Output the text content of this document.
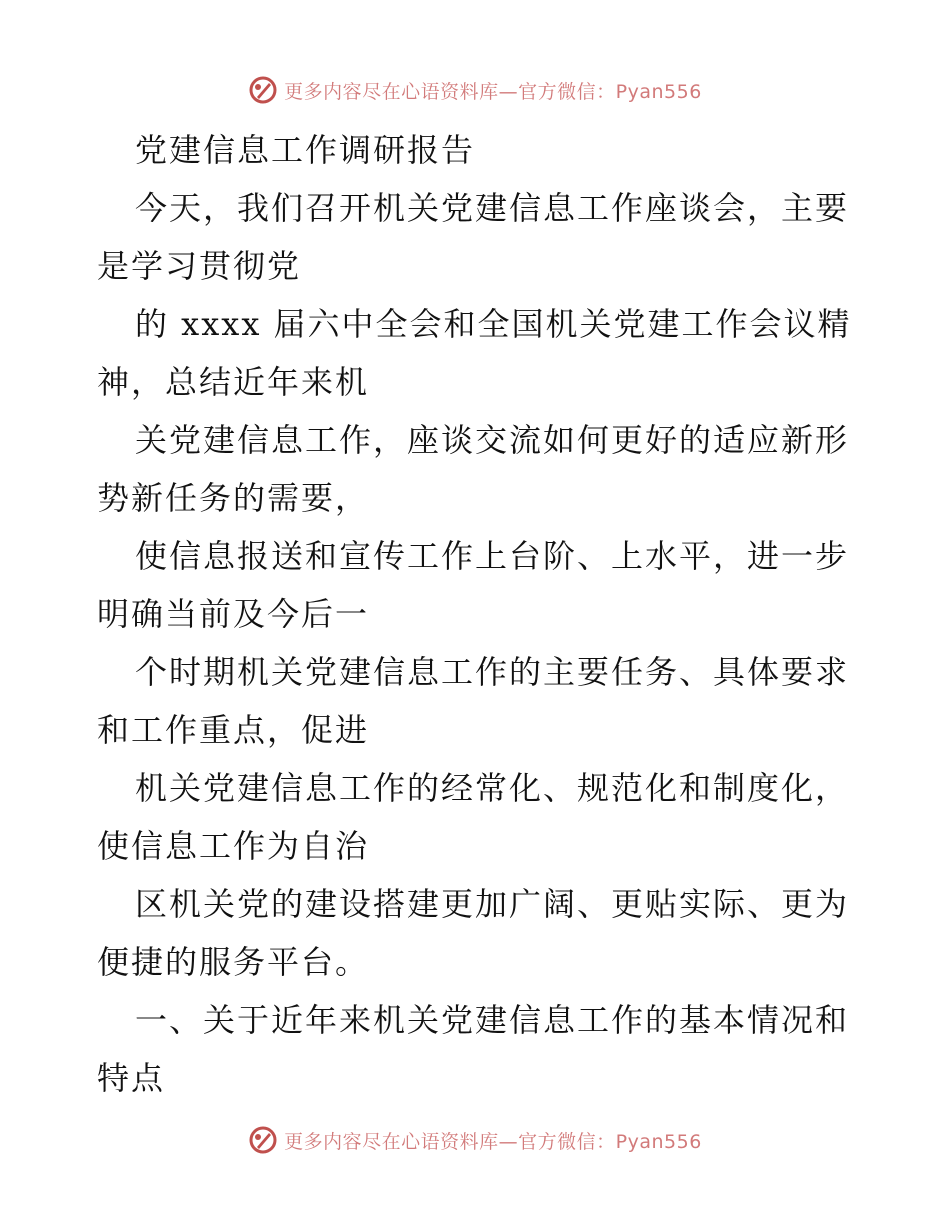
更多内容尽在心语资料库—官方微信：Pyan556

党建信息工作调研报告

今天，我们召开机关党建信息工作座谈会，主要
是学习贯彻党

的 xxxx 届六中全会和全国机关党建工作会议精
神，总结近年来机

关党建信息工作，座谈交流如何更好的适应新形
势新任务的需要，

使信息报送和宣传工作上台阶、上水平，进一步
明确当前及今后一

个时期机关党建信息工作的主要任务、具体要求
和工作重点，促进

机关党建信息工作的经常化、规范化和制度化，
使信息工作为自治

区机关党的建设搭建更加广阔、更贴实际、更为
便捷的服务平台。

一、关于近年来机关党建信息工作的基本情况和
特点

更多内容尽在心语资料库—官方微信：Pyan556
